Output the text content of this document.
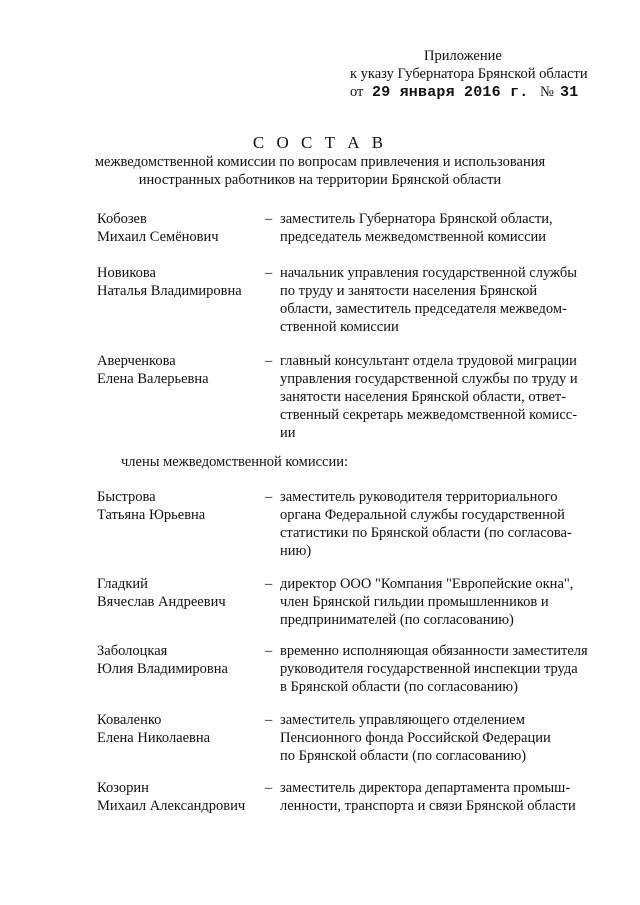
Приложение
к указу Губернатора Брянской области
от 29 января 2016 г. № 31
С О С Т А В
межведомственной комиссии по вопросам привлечения и использования
иностранных работников на территории Брянской области
Кобозев
Михаил Семёнович
– заместитель Губернатора Брянской области,
председатель межведомственной комиссии
Новикова
Наталья Владимировна
– начальник управления государственной службы
по труду и занятости населения Брянской
области, заместитель председателя межведом-
ственной комиссии
Аверченкова
Елена Валерьевна
– главный консультант отдела трудовой миграции
управления государственной службы по труду и
занятости населения Брянской области, ответ-
ственный секретарь межведомственной комисс-
ии
члены межведомственной комиссии:
Быстрова
Татьяна Юрьевна
– заместитель руководителя территориального
органа Федеральной службы государственной
статистики по Брянской области (по согласова-
нию)
Гладкий
Вячеслав Андреевич
– директор ООО "Компания "Европейские окна",
член Брянской гильдии промышленников и
предпринимателей (по согласованию)
Заболоцкая
Юлия Владимировна
– временно исполняющая обязанности заместителя
руководителя государственной инспекции труда
в Брянской области (по согласованию)
Коваленко
Елена Николаевна
– заместитель управляющего отделением
Пенсионного фонда Российской Федерации
по Брянской области (по согласованию)
Козорин
Михаил Александрович
– заместитель директора департамента промыш-
ленности, транспорта и связи Брянской области
